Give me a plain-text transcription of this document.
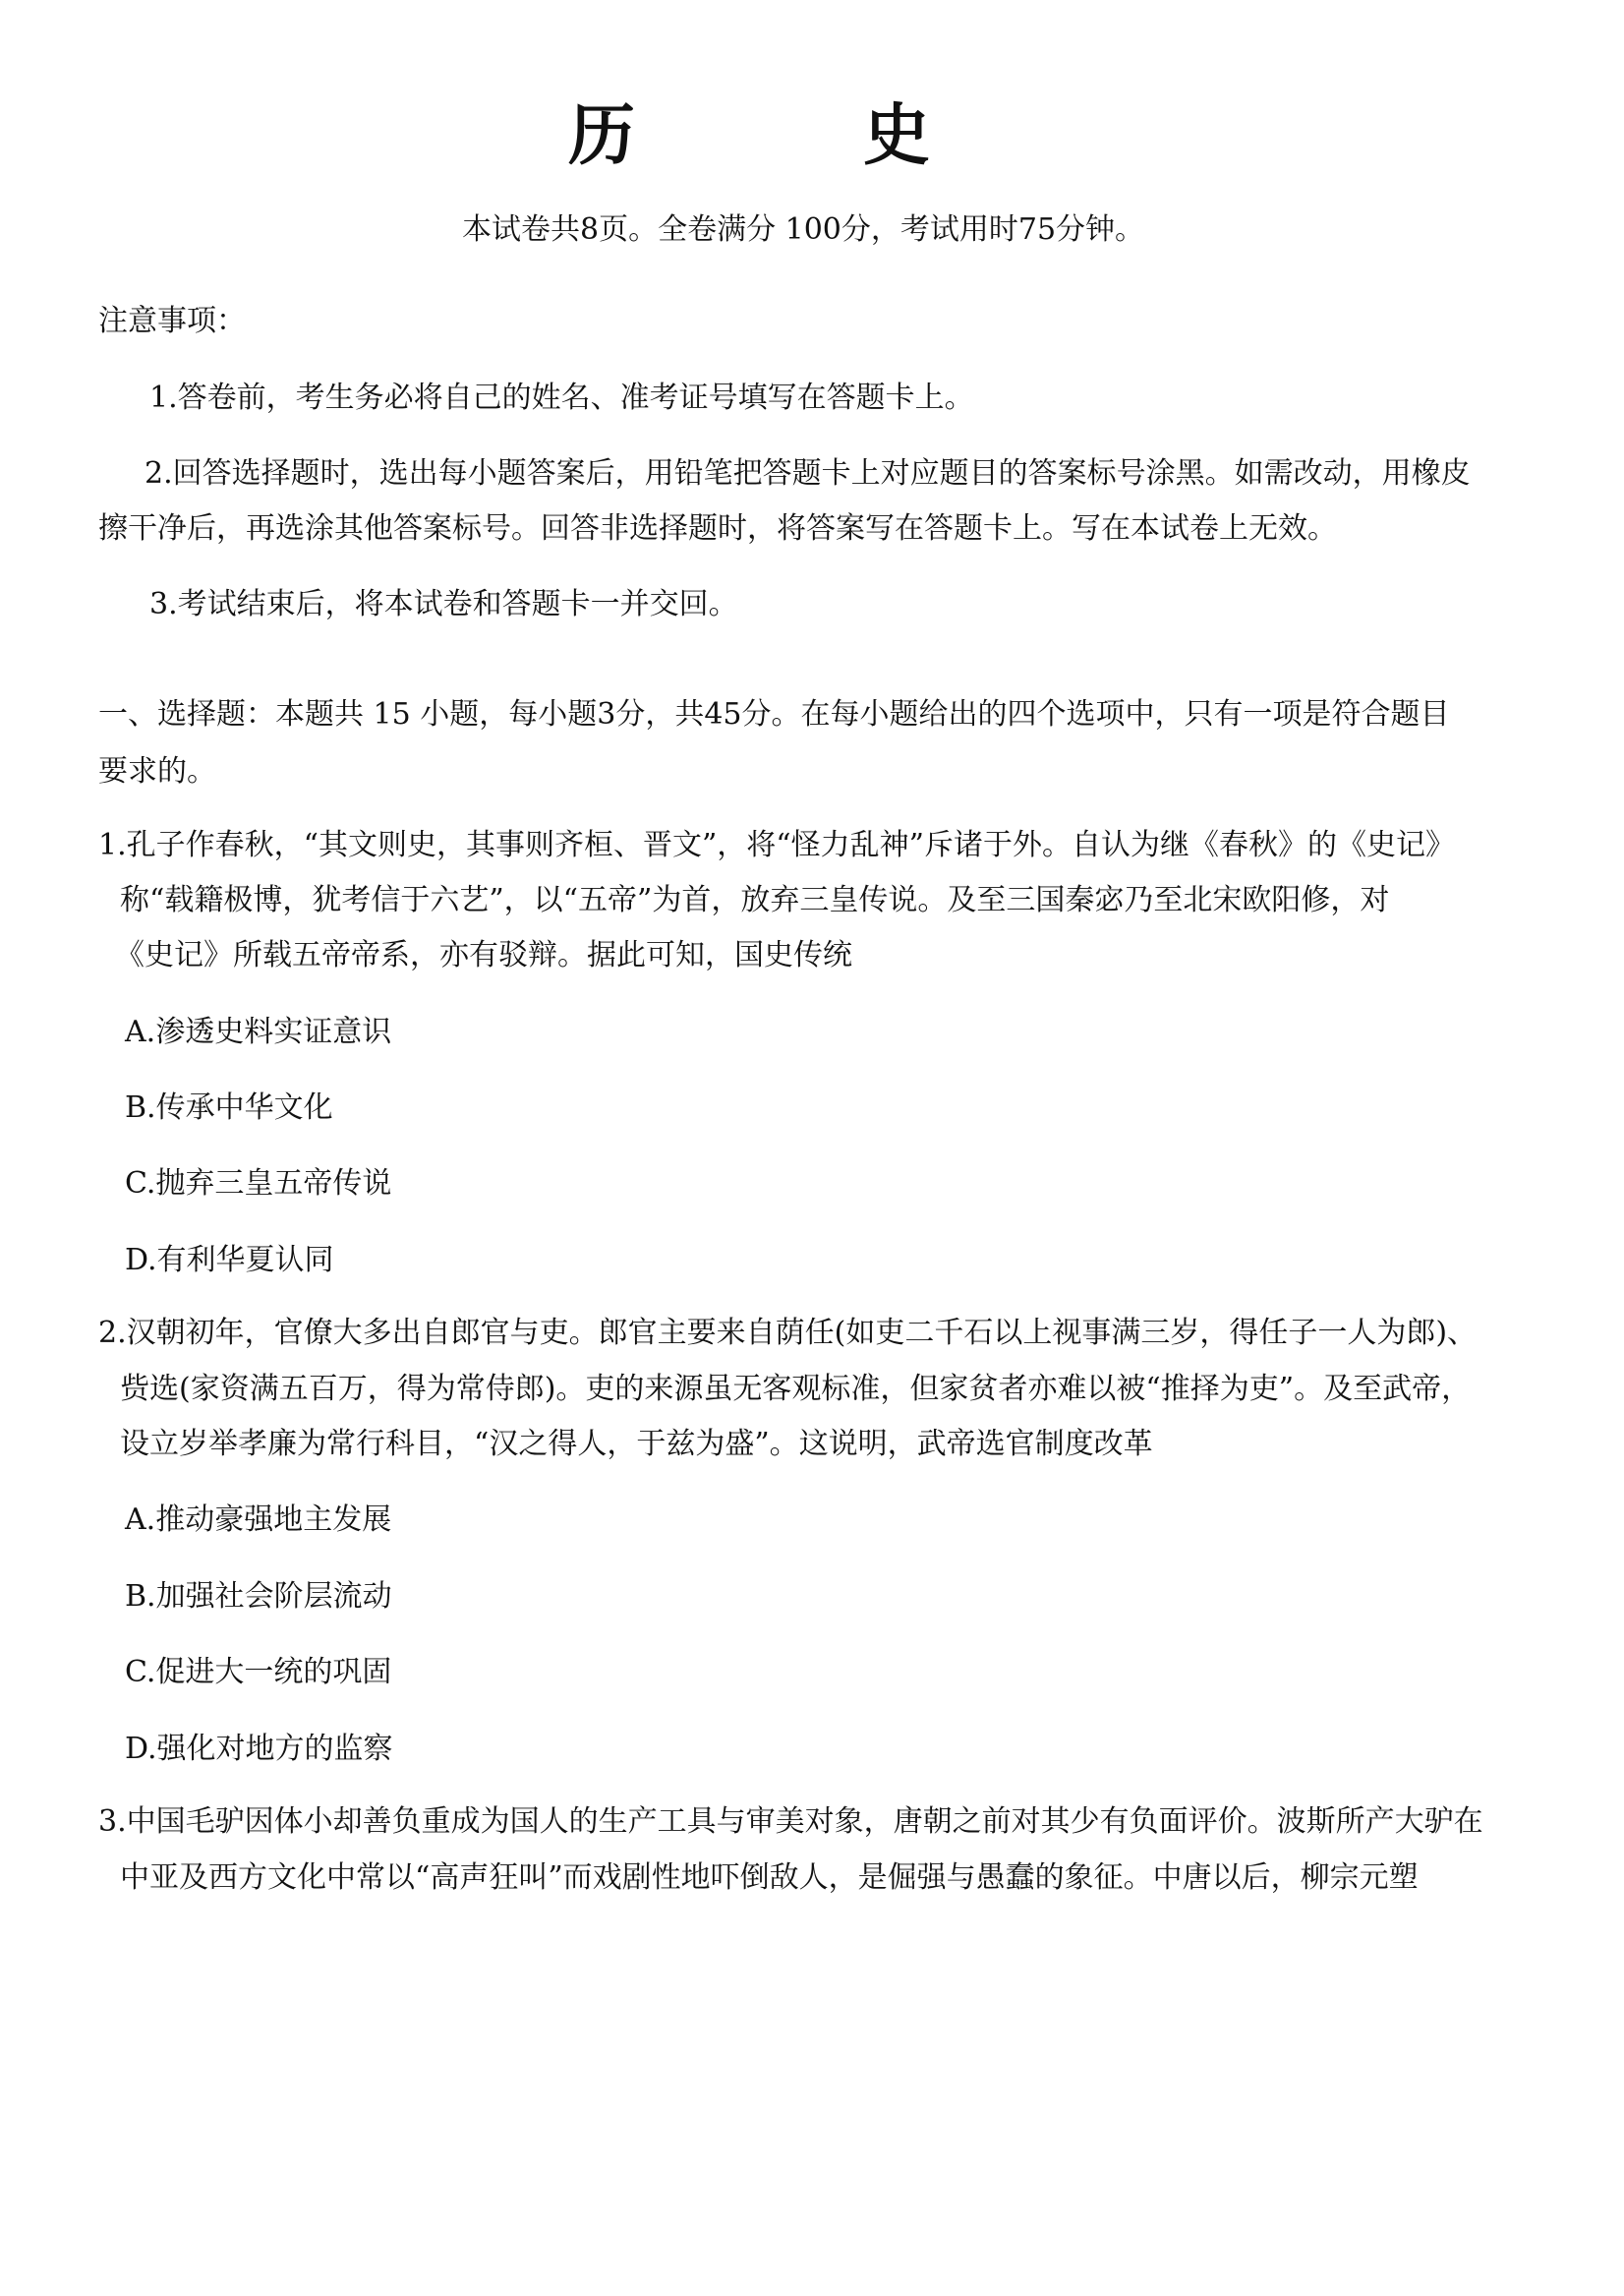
历　史
本试卷共8页。全卷满分 100分，考试用时75分钟。
注意事项：
1.答卷前，考生务必将自己的姓名、准考证号填写在答题卡上。
2.回答选择题时，选出每小题答案后，用铅笔把答题卡上对应题目的答案标号涂黑。如需改动，用橡皮
擦干净后，再选涂其他答案标号。回答非选择题时，将答案写在答题卡上。写在本试卷上无效。
3.考试结束后，将本试卷和答题卡一并交回。
一、选择题：本题共 15 小题，每小题3分，共45分。在每小题给出的四个选项中，只有一项是符合题目
要求的。
1.孔子作春秋，“其文则史，其事则齐桓、晋文”，将“怪力乱神”斥诸于外。自认为继《春秋》的《史记》
称“载籍极博，犹考信于六艺”，以“五帝”为首，放弃三皇传说。及至三国秦宓乃至北宋欧阳修，对
《史记》所载五帝帝系，亦有驳辩。据此可知，国史传统
A.渗透史料实证意识
B.传承中华文化
C.抛弃三皇五帝传说
D.有利华夏认同
2.汉朝初年，官僚大多出自郎官与吏。郎官主要来自荫任(如吏二千石以上视事满三岁，得任子一人为郎)、
赀选(家资满五百万，得为常侍郎)。吏的来源虽无客观标准，但家贫者亦难以被“推择为吏”。及至武帝，
设立岁举孝廉为常行科目，“汉之得人，于兹为盛”。这说明，武帝选官制度改革
A.推动豪强地主发展
B.加强社会阶层流动
C.促进大一统的巩固
D.强化对地方的监察
3.中国毛驴因体小却善负重成为国人的生产工具与审美对象，唐朝之前对其少有负面评价。波斯所产大驴在
中亚及西方文化中常以“高声狂叫”而戏剧性地吓倒敌人，是倔强与愚蠢的象征。中唐以后，柳宗元塑
